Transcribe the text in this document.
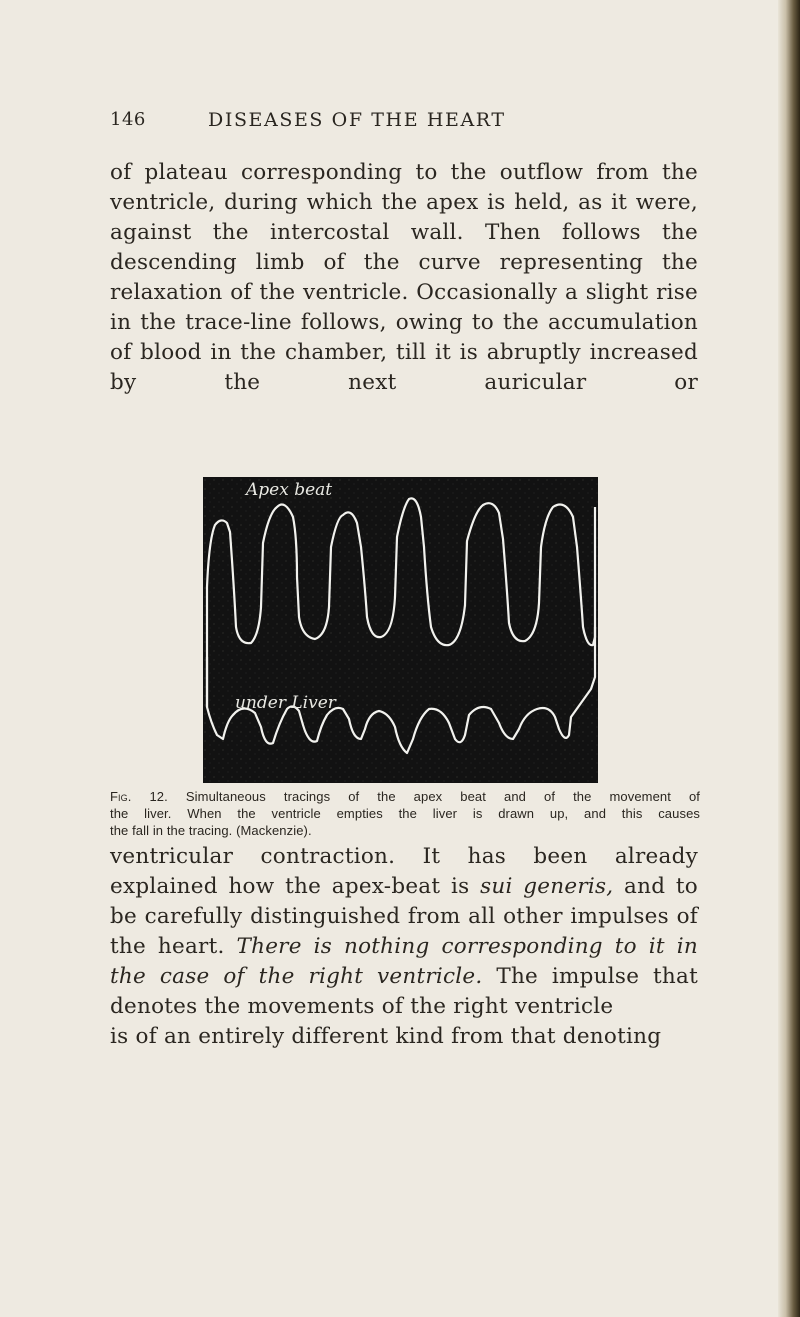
146	DISEASES OF THE HEART

of plateau corresponding to the outflow from the ventricle, during which the apex is held, as it were, against the intercostal wall. Then follows the descending limb of the curve representing the relaxation of the ventricle. Occasionally a slight rise in the trace-line follows, owing to the accumulation of blood in the chamber, till it is abruptly increased by the next auricular or

Apex beat
under Liver
Fig. 12. Simultaneous tracings of the apex beat and of the movement of
the liver. When the ventricle empties the liver is drawn up, and this causes
the fall in the tracing. (Mackenzie).

ventricular contraction. It has been already explained how the apex-beat is sui generis, and to be carefully distinguished from all other impulses of the heart. There is nothing corresponding to it in the case of the right ventricle. The impulse that denotes the movements of the right ventricle
is of an entirely different kind from that denoting
